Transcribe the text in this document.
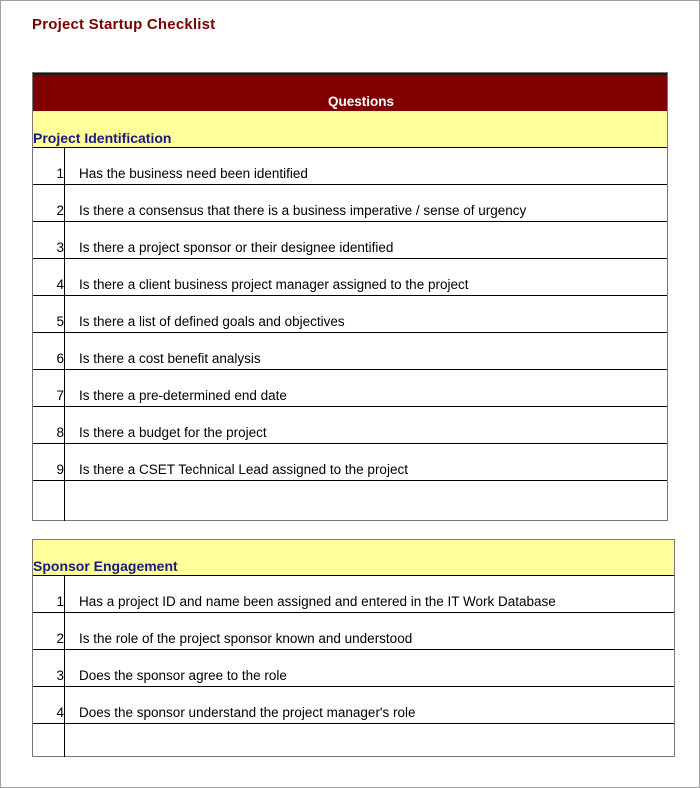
Project Startup Checklist
Questions
Project Identification
1 Has the business need been identified
2 Is there a consensus that there is a business imperative / sense of urgency
3 Is there a project sponsor or their designee identified
4 Is there a client business project manager assigned to the project
5 Is there a list of defined goals and objectives
6 Is there a cost benefit analysis
7 Is there a pre-determined end date
8 Is there a budget for the project
9 Is there a CSET Technical Lead assigned to the project
Sponsor Engagement
1 Has a project ID and name been assigned and entered in the IT Work Database
2 Is the role of the project sponsor known and understood
3 Does the sponsor agree to the role
4 Does the sponsor understand the project manager's role
